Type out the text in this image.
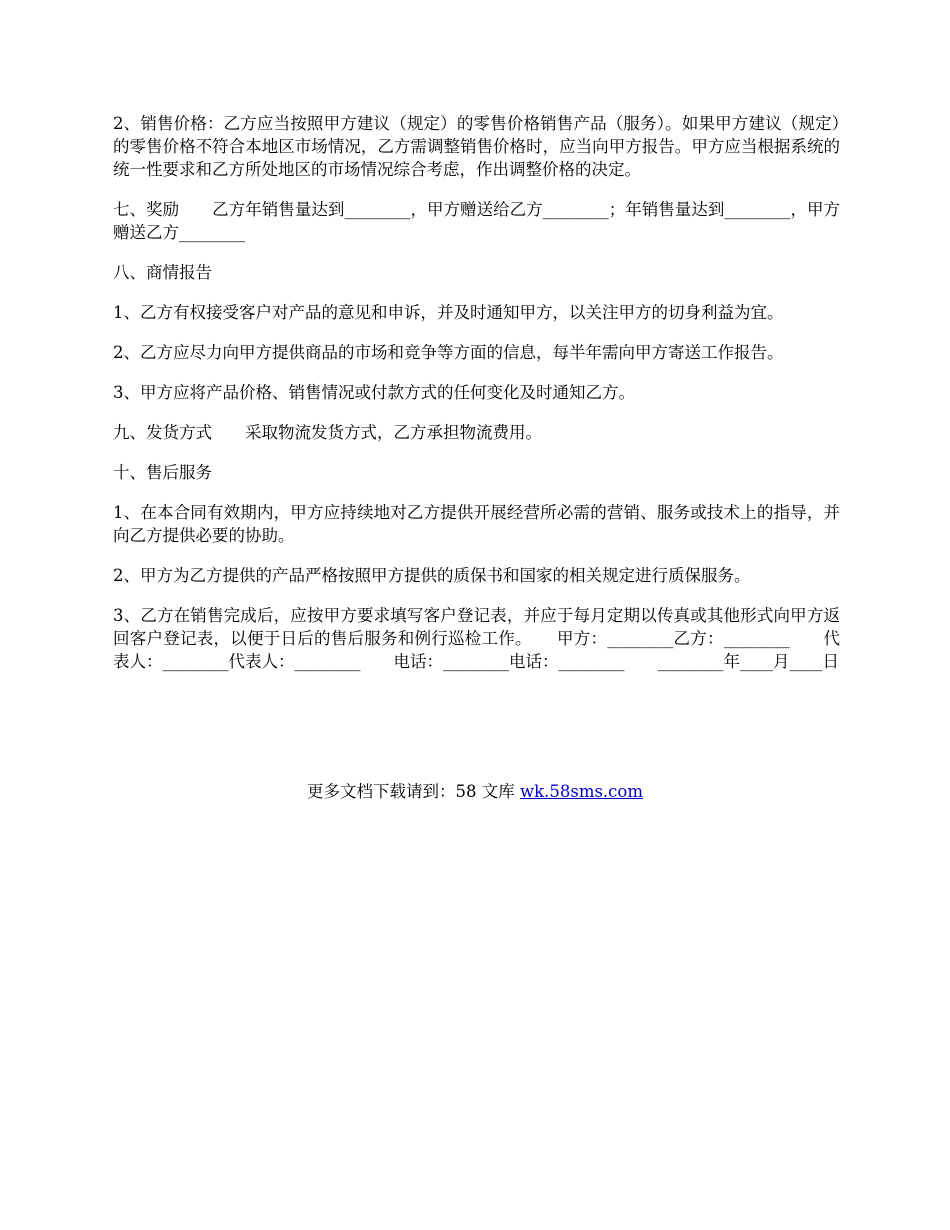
2、销售价格：乙方应当按照甲方建议（规定）的零售价格销售产品（服务）。如果甲方建议（规定）的零售价格不符合本地区市场情况，乙方需调整销售价格时，应当向甲方报告。甲方应当根据系统的统一性要求和乙方所处地区的市场情况综合考虑，作出调整价格的决定。

七、奖励　　乙方年销售量达到________，甲方赠送给乙方________；年销售量达到________，甲方赠送乙方________

八、商情报告

1、乙方有权接受客户对产品的意见和申诉，并及时通知甲方，以关注甲方的切身利益为宜。

2、乙方应尽力向甲方提供商品的市场和竞争等方面的信息，每半年需向甲方寄送工作报告。

3、甲方应将产品价格、销售情况或付款方式的任何变化及时通知乙方。

九、发货方式　　采取物流发货方式，乙方承担物流费用。

十、售后服务

1、在本合同有效期内，甲方应持续地对乙方提供开展经营所必需的营销、服务或技术上的指导，并向乙方提供必要的协助。

2、甲方为乙方提供的产品严格按照甲方提供的质保书和国家的相关规定进行质保服务。

3、乙方在销售完成后，应按甲方要求填写客户登记表，并应于每月定期以传真或其他形式向甲方返回客户登记表，以便于日后的售后服务和例行巡检工作。　　甲方：________乙方：________　　代表人：________代表人：________　　电话：________电话：________　　________年____月____日

更多文档下载请到：58 文库 wk.58sms.com
